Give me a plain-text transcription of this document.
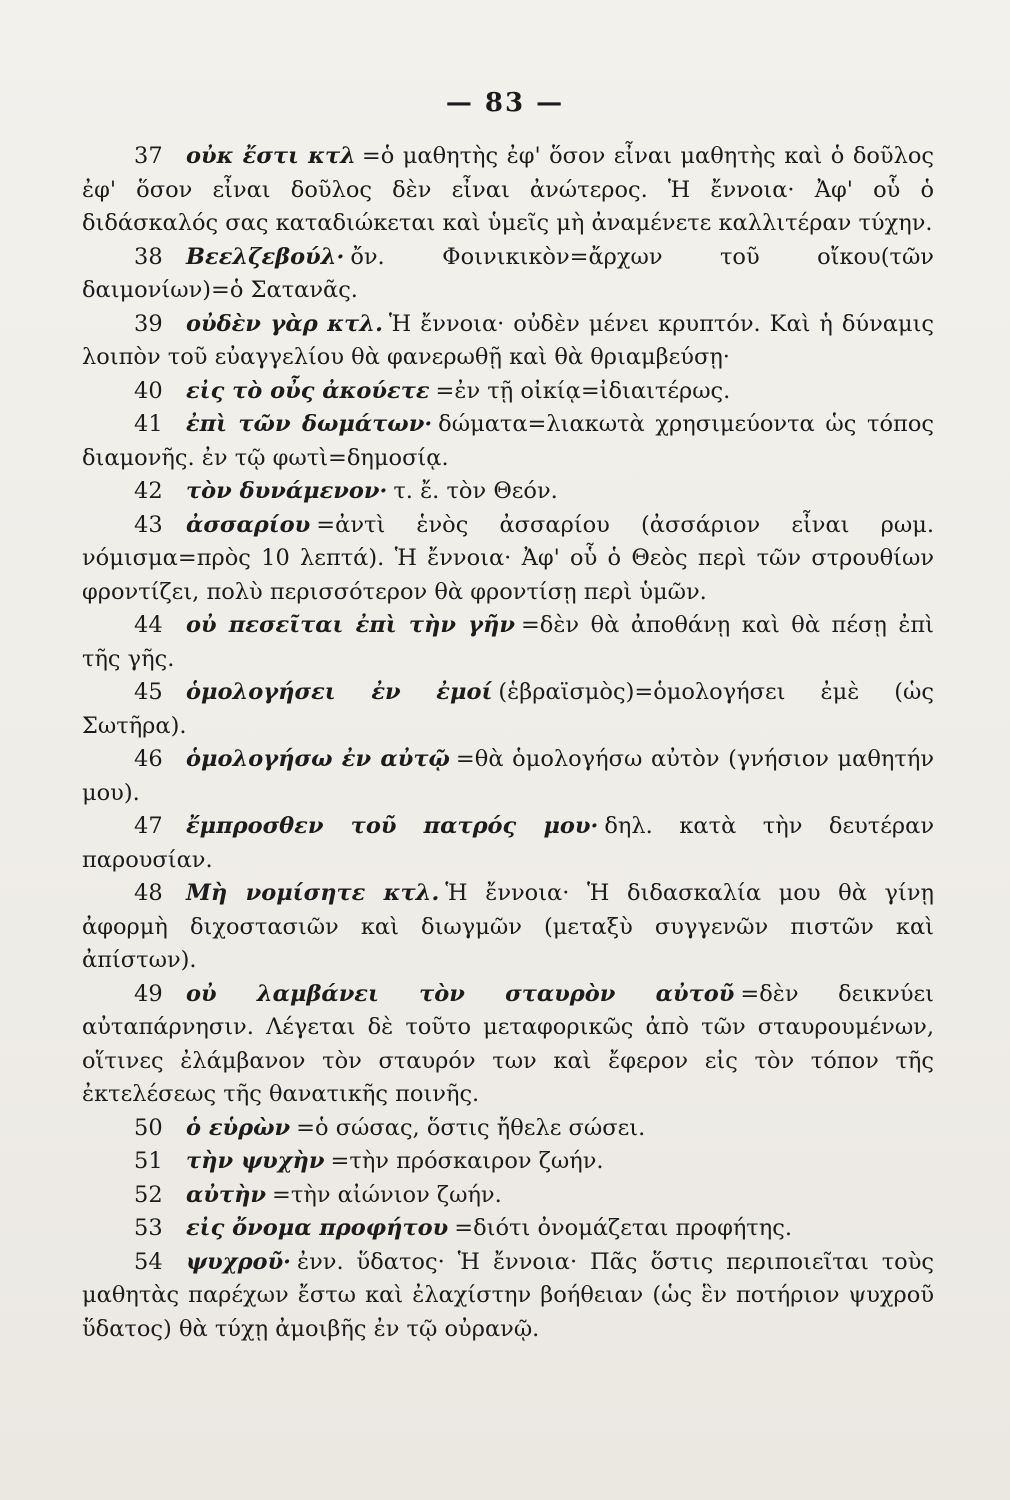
— 83 —

37 οὐκ ἔστι κτλ =ὁ μαθητὴς ἐφ' ὅσον εἶναι μαθητὴς καὶ ὁ δοῦλος ἐφ' ὅσον εἶναι δοῦλος δὲν εἶναι ἀνώτερος. Ἡ ἔννοια· Ἀφ' οὗ ὁ διδάσκαλός σας καταδιώκεται καὶ ὑμεῖς μὴ ἀναμένετε καλλιτέραν τύχην.

38 Βεελζεβούλ· ὄν. Φοινικικὸν=ἄρχων τοῦ οἴκου(τῶν δαιμονίων)=ὁ Σατανᾶς.

39 οὐδὲν γὰρ κτλ. Ἡ ἔννοια· οὐδὲν μένει κρυπτόν. Καὶ ἡ δύναμις λοιπὸν τοῦ εὐαγγελίου θὰ φανερωθῇ καὶ θὰ θριαμβεύσῃ·

40 εἰς τὸ οὖς ἀκούετε =ἐν τῇ οἰκίᾳ=ἰδιαιτέρως.

41 ἐπὶ τῶν δωμάτων· δώματα=λιακωτὰ χρησιμεύοντα ὡς τόπος διαμονῆς. ἐν τῷ φωτὶ=δημοσίᾳ.

42 τὸν δυνάμενον· τ. ἔ. τὸν Θεόν.

43 ἀσσαρίου =ἀντὶ ἑνὸς ἀσσαρίου (ἀσσάριον εἶναι ρωμ. νόμισμα=πρὸς 10 λεπτά). Ἡ ἔννοια· Ἀφ' οὗ ὁ Θεὸς περὶ τῶν στρουθίων φροντίζει, πολὺ περισσότερον θὰ φροντίσῃ περὶ ὑμῶν.

44 οὐ πεσεῖται ἐπὶ τὴν γῆν =δὲν θὰ ἀποθάνῃ καὶ θὰ πέσῃ ἐπὶ τῆς γῆς.

45 ὁμολογήσει ἐν ἐμοί (ἑβραϊσμὸς)=ὁμολογήσει ἐμὲ (ὡς Σωτῆρα).

46 ὁμολογήσω ἐν αὐτῷ =θὰ ὁμολογήσω αὐτὸν (γνήσιον μαθητήν μου).

47 ἔμπροσθεν τοῦ πατρός μου· δηλ. κατὰ τὴν δευτέραν παρουσίαν.

48 Μὴ νομίσητε κτλ. Ἡ ἔννοια· Ἡ διδασκαλία μου θὰ γίνῃ ἀφορμὴ διχοστασιῶν καὶ διωγμῶν (μεταξὺ συγγενῶν πιστῶν καὶ ἀπίστων).

49 οὐ λαμβάνει τὸν σταυρὸν αὐτοῦ =δὲν δεικνύει αὐταπάρνησιν. Λέγεται δὲ τοῦτο μεταφορικῶς ἀπὸ τῶν σταυρουμένων, οἵτινες ἐλάμβανον τὸν σταυρόν των καὶ ἔφερον εἰς τὸν τόπον τῆς ἐκτελέσεως τῆς θανατικῆς ποινῆς.

50 ὁ εὑρὼν =ὁ σώσας, ὅστις ἤθελε σώσει.

51 τὴν ψυχὴν =τὴν πρόσκαιρον ζωήν.

52 αὐτὴν =τὴν αἰώνιον ζωήν.

53 εἰς ὄνομα προφήτου =διότι ὀνομάζεται προφήτης.

54 ψυχροῦ· ἐνν. ὕδατος· Ἡ ἔννοια· Πᾶς ὅστις περιποιεῖται τοὺς μαθητὰς παρέχων ἔστω καὶ ἐλαχίστην βοήθειαν (ὡς ἓν ποτήριον ψυχροῦ ὕδατος) θὰ τύχῃ ἀμοιβῆς ἐν τῷ οὐρανῷ.
